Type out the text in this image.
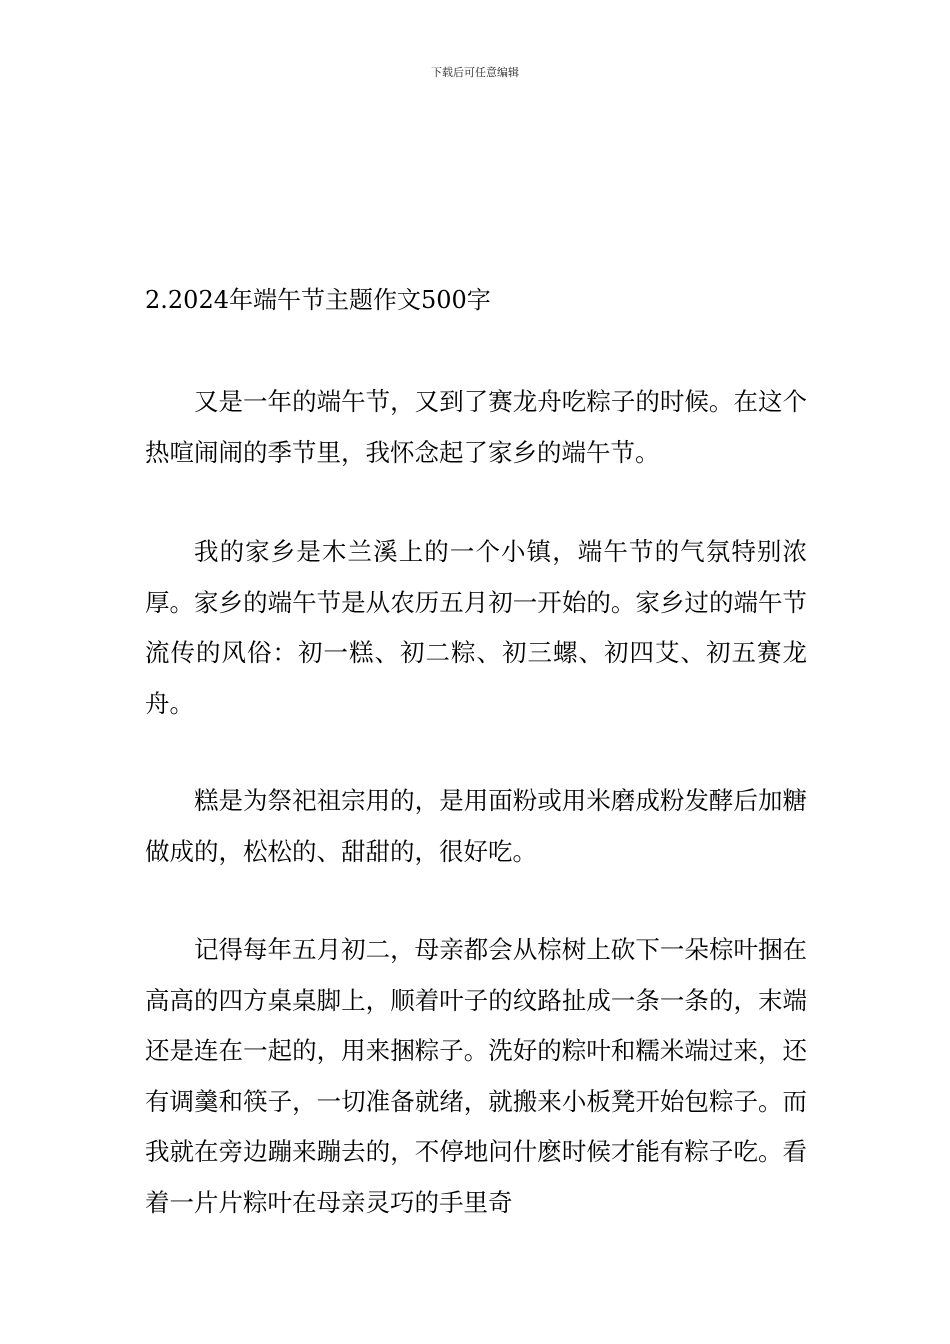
下载后可任意编辑
2.2024年端午节主题作文500字

又是一年的端午节，又到了赛龙舟吃粽子的时候。在这个热喧闹闹的季节里，我怀念起了家乡的端午节。

我的家乡是木兰溪上的一个小镇，端午节的气氛特别浓厚。家乡的端午节是从农历五月初一开始的。家乡过的端午节流传的风俗：初一糕、初二粽、初三螺、初四艾、初五赛龙舟。

糕是为祭祀祖宗用的，是用面粉或用米磨成粉发酵后加糖做成的，松松的、甜甜的，很好吃。

记得每年五月初二，母亲都会从棕树上砍下一朵棕叶捆在高高的四方桌桌脚上，顺着叶子的纹路扯成一条一条的，末端还是连在一起的，用来捆粽子。洗好的粽叶和糯米端过来，还有调羹和筷子，一切准备就绪，就搬来小板凳开始包粽子。而我就在旁边蹦来蹦去的，不停地问什麽时候才能有粽子吃。看着一片片粽叶在母亲灵巧的手里奇
